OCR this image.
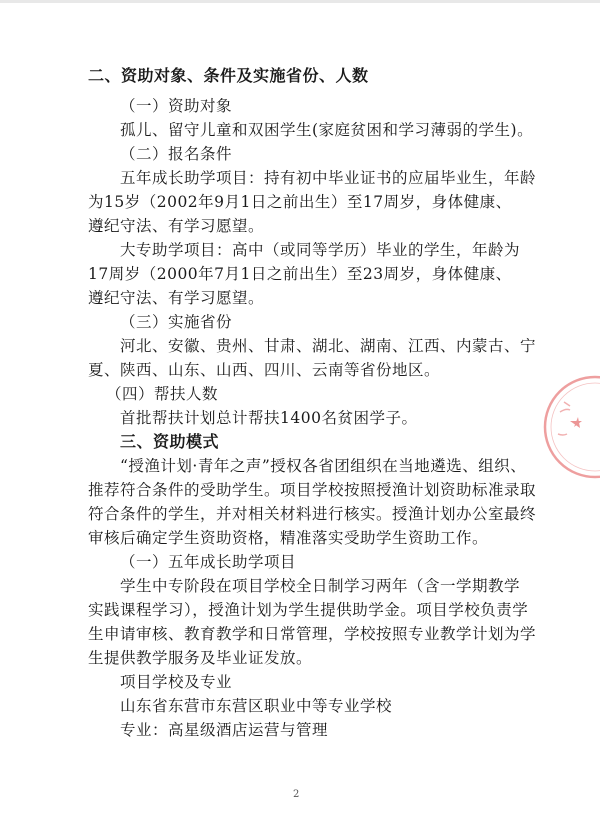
二、资助对象、条件及实施省份、人数
（一）资助对象
孤儿、留守儿童和双困学生(家庭贫困和学习薄弱的学生)。
（二）报名条件
五年成长助学项目：持有初中毕业证书的应届毕业生，年龄
为15岁（2002年9月1日之前出生）至17周岁，身体健康、
遵纪守法、有学习愿望。
大专助学项目：高中（或同等学历）毕业的学生，年龄为
17周岁（2000年7月1日之前出生）至23周岁，身体健康、
遵纪守法、有学习愿望。
（三）实施省份
河北、安徽、贵州、甘肃、湖北、湖南、江西、内蒙古、宁
夏、陕西、山东、山西、四川、云南等省份地区。
（四）帮扶人数
首批帮扶计划总计帮扶1400名贫困学子。
三、资助模式
“授渔计划·青年之声”授权各省团组织在当地遴选、组织、
推荐符合条件的受助学生。项目学校按照授渔计划资助标准录取
符合条件的学生，并对相关材料进行核实。授渔计划办公室最终
审核后确定学生资助资格，精准落实受助学生资助工作。
（一）五年成长助学项目
学生中专阶段在项目学校全日制学习两年（含一学期教学
实践课程学习），授渔计划为学生提供助学金。项目学校负责学
生申请审核、教育教学和日常管理，学校按照专业教学计划为学
生提供教学服务及毕业证发放。
项目学校及专业
山东省东营市东营区职业中等专业学校
专业：高星级酒店运营与管理
2
